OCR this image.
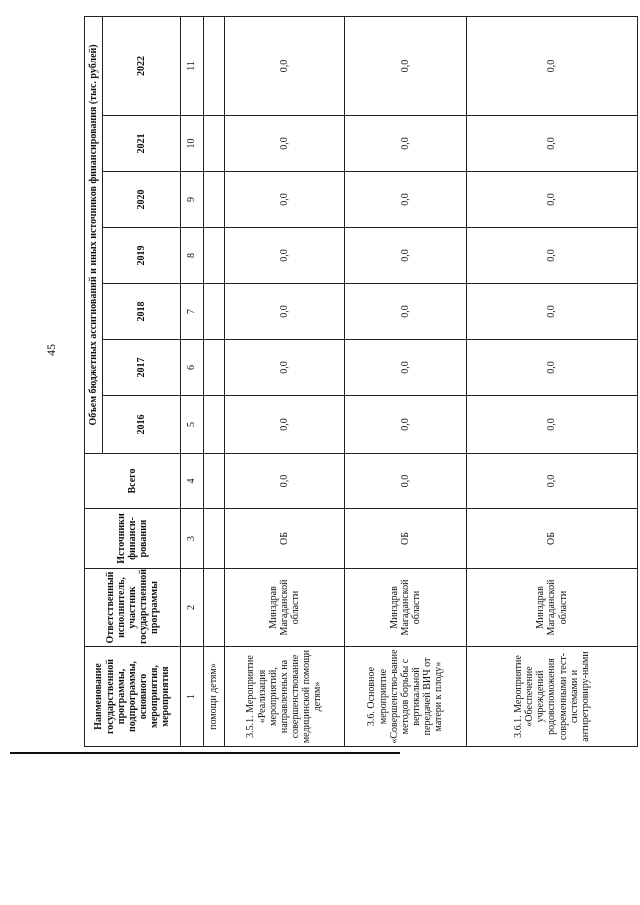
45
Наименование государственной программы, подпрограммы, основного мероприятия, мероприятия	Ответственный исполнитель, участник государственной программы	Источники финанси-рования	Всего	Объем бюджетных ассигнований и иных источников финансирования (тыс. рублей)						
				2016	2017	2018	2019	2020	2021	2022
1	2	3	4	5	6	7	8	9	10	11
помощи детям»										
3.5.1. Мероприятие «Реализация мероприятий, направленных на совершенствование медицинской помощи детям»	Минздрав Магаданской области	ОБ	0,0	0,0	0,0	0,0	0,0	0,0	0,0	0,0
3.6. Основное мероприятие «Совершенство-вание методов борьбы с вертикальной передачей ВИЧ от матери к плоду»	Минздрав Магаданской области	ОБ	0,0	0,0	0,0	0,0	0,0	0,0	0,0	0,0
3.6.1. Мероприятие «Обеспечение учреждений родовспоможения современными тест-системами и антиретровиру-ными	Минздрав Магаданской области	ОБ	0,0	0,0	0,0	0,0	0,0	0,0	0,0	0,0
